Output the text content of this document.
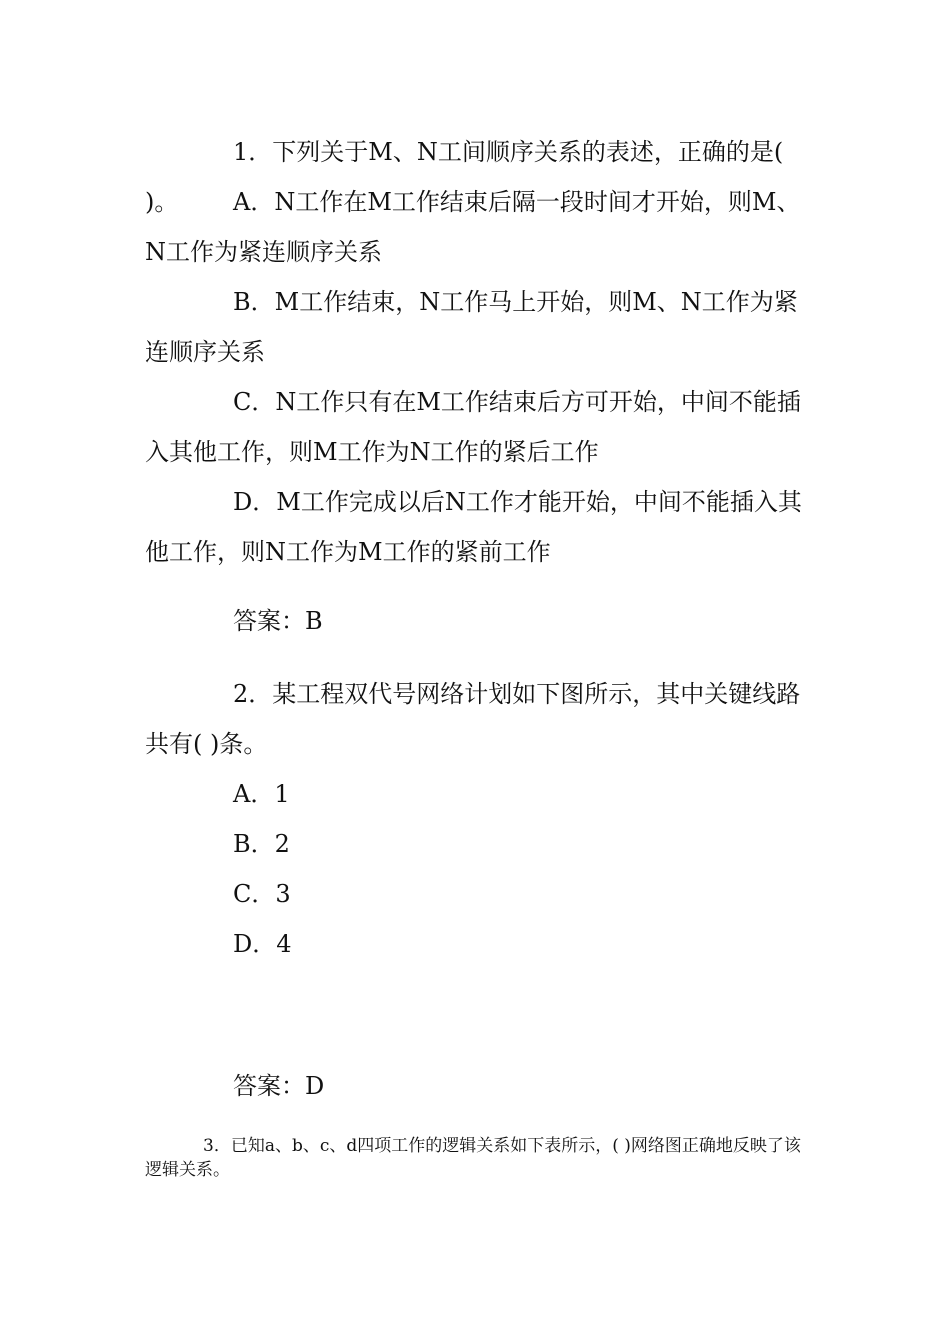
1．下列关于M、N工间顺序关系的表述，正确的是( )。	A．N工作在M工作结束后隔一段时间才开始，则M、N工作为紧连顺序关系

B．M工作结束，N工作马上开始，则M、N工作为紧连顺序关系

C．N工作只有在M工作结束后方可开始，中间不能插入其他工作，则M工作为N工作的紧后工作

D．M工作完成以后N工作才能开始，中间不能插入其他工作，则N工作为M工作的紧前工作

答案：B

2．某工程双代号网络计划如下图所示，其中关键线路共有( )条。

A．1

B．2

C．3

D．4

答案：D

3．已知a、b、c、d四项工作的逻辑关系如下表所示，( )网络图正确地反映了该逻辑关系。
